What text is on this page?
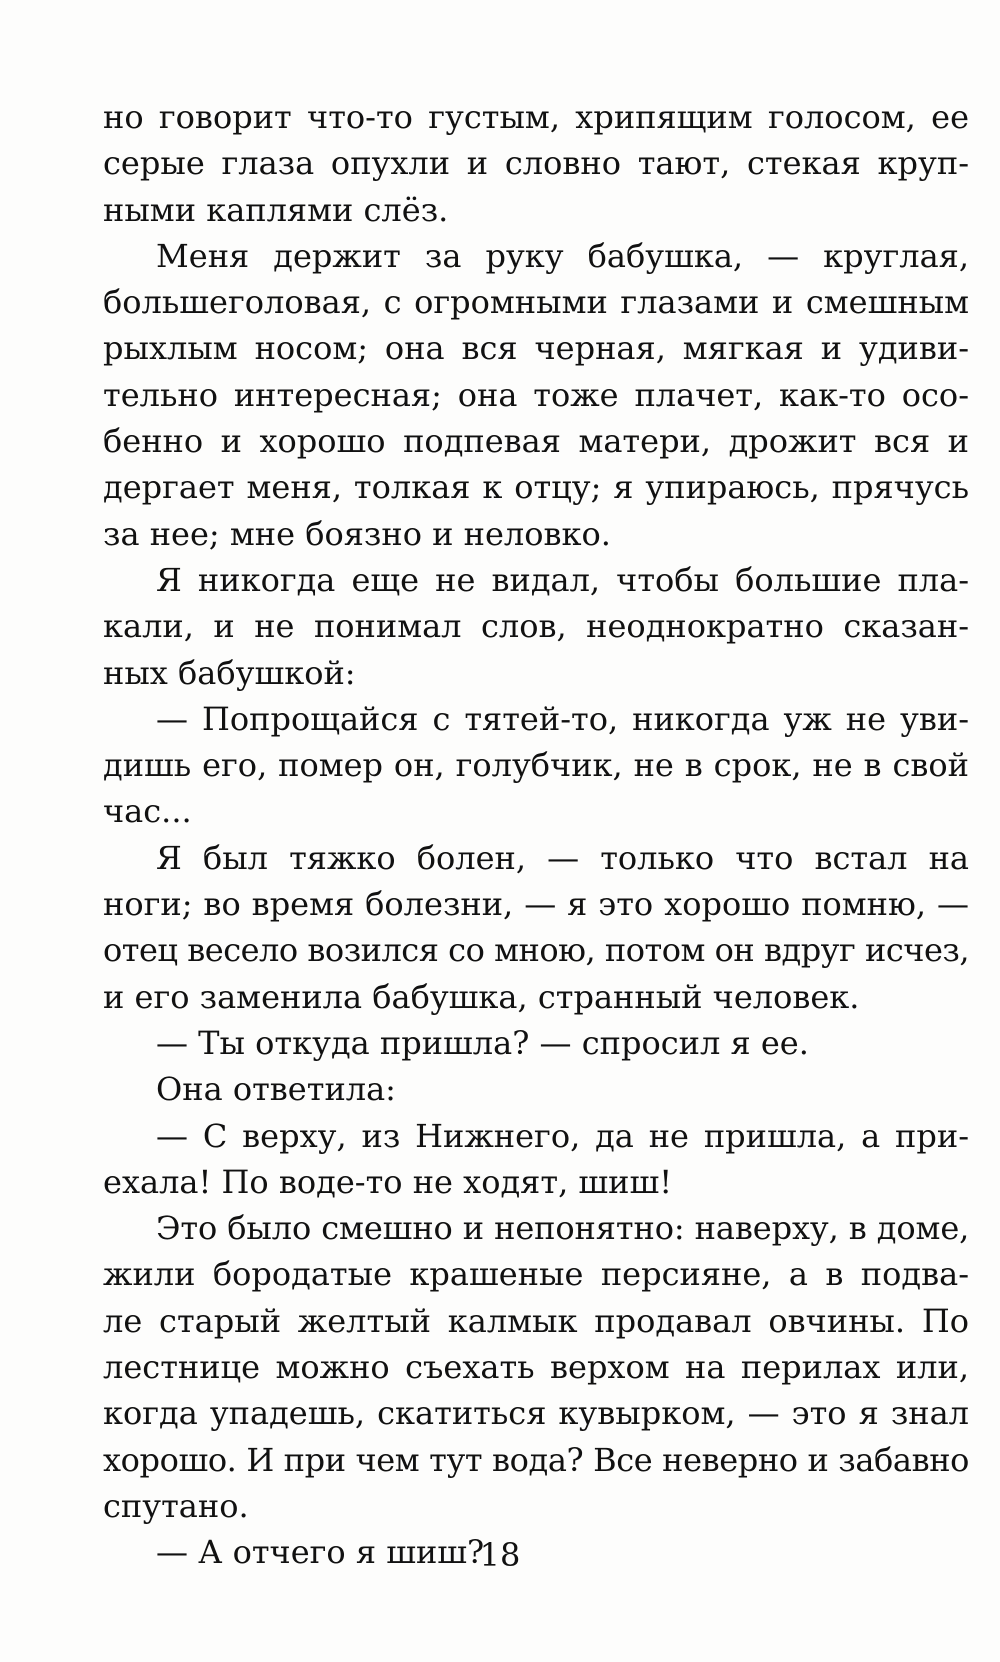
но говорит что-то густым, хрипящим голосом, ее
серые глаза опухли и словно тают, стекая круп-
ными каплями слёз.
Меня держит за руку бабушка, — круглая,
большеголовая, с огромными глазами и смешным
рыхлым носом; она вся черная, мягкая и удиви-
тельно интересная; она тоже плачет, как-то осо-
бенно и хорошо подпевая матери, дрожит вся и
дергает меня, толкая к отцу; я упираюсь, прячусь
за нее; мне боязно и неловко.
Я никогда еще не видал, чтобы большие пла-
кали, и не понимал слов, неоднократно сказан-
ных бабушкой:
— Попрощайся с тятей-то, никогда уж не уви-
дишь его, помер он, голубчик, не в срок, не в свой
час...
Я был тяжко болен, — только что встал на
ноги; во время болезни, — я это хорошо помню, —
отец весело возился со мною, потом он вдруг исчез,
и его заменила бабушка, странный человек.
— Ты откуда пришла? — спросил я ее.
Она ответила:
— С верху, из Нижнего, да не пришла, а при-
ехала! По воде-то не ходят, шиш!
Это было смешно и непонятно: наверху, в доме,
жили бородатые крашеные персияне, а в подва-
ле старый желтый калмык продавал овчины. По
лестнице можно съехать верхом на перилах или,
когда упадешь, скатиться кувырком, — это я знал
хорошо. И при чем тут вода? Все неверно и забавно
спутано.
— А отчего я шиш?
18
